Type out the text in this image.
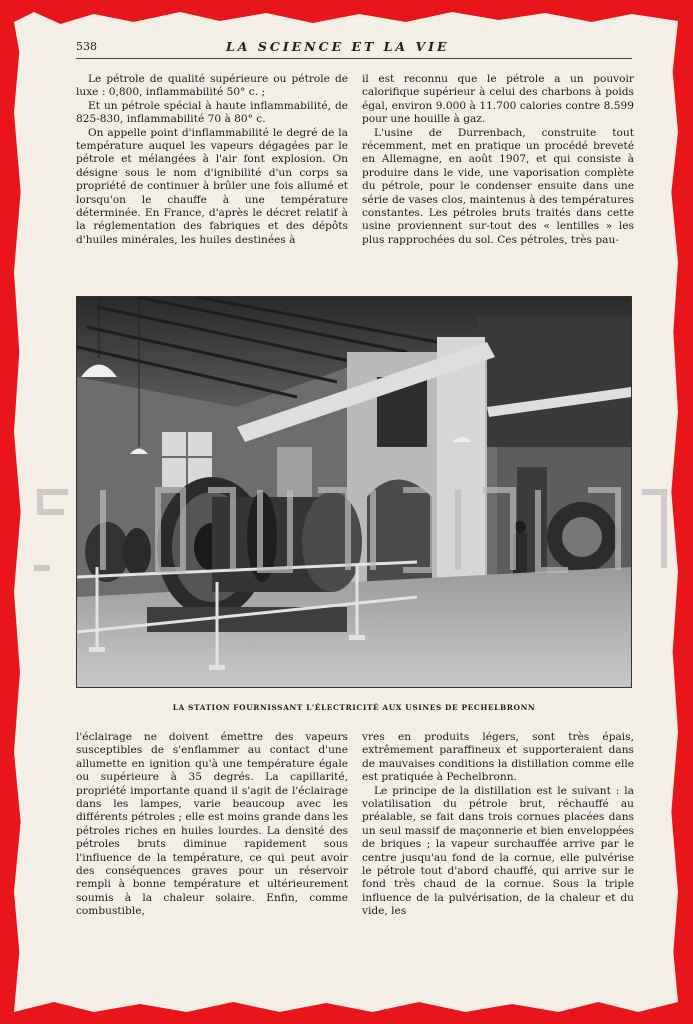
538	LA SCIENCE ET LA VIE

Le pétrole de qualité supérieure ou pétrole de luxe : 0,800, inflammabilité 50° c. ;

Et un pétrole spécial à haute inflammabilité, de 825-830, inflammabilité 70 à 80° c.

On appelle point d'inflammabilité le degré de la température auquel les vapeurs dégagées par le pétrole et mélangées à l'air font explosion. On désigne sous le nom d'ignibilité d'un corps sa propriété de continuer à brûler une fois allumé et lorsqu'on le chauffe à une température déterminée. En France, d'après le décret relatif à la réglementation des fabriques et des dépôts d'huiles minérales, les huiles destinées à

il est reconnu que le pétrole a un pouvoir calorifique supérieur à celui des charbons à poids égal, environ 9.000 à 11.700 calories contre 8.599 pour une houille à gaz.

L'usine de Durrenbach, construite tout récemment, met en pratique un procédé breveté en Allemagne, en août 1907, et qui consiste à produire dans le vide, une vaporisation complète du pétrole, pour le condenser ensuite dans une série de vases clos, maintenus à des températures constantes. Les pétroles bruts traités dans cette usine proviennent sur-tout des « lentilles » les plus rapprochées du sol. Ces pétroles, très pau-

LA STATION FOURNISSANT L'ÉLECTRICITÉ AUX USINES DE PECHELBRONN

l'éclairage ne doivent émettre des vapeurs susceptibles de s'enflammer au contact d'une allumette en ignition qu'à une température égale ou supérieure à 35 degrés. La capillarité, propriété importante quand il s'agit de l'éclairage dans les lampes, varie beaucoup avec les différents pétroles ; elle est moins grande dans les pétroles riches en huiles lourdes. La densité des pétroles bruts diminue rapidement sous l'influence de la température, ce qui peut avoir des conséquences graves pour un réservoir rempli à bonne température et ultérieurement soumis à la chaleur solaire. Enfin, comme combustible,

vres en produits légers, sont très épais, extrêmement paraffineux et supporteraient dans de mauvaises conditions la distillation comme elle est pratiquée à Pechelbronn.

Le principe de la distillation est le suivant : la volatilisation du pétrole brut, réchauffé au préalable, se fait dans trois cornues placées dans un seul massif de maçonnerie et bien enveloppées de briques ; la vapeur surchauffée arrive par le centre jusqu'au fond de la cornue, elle pulvérise le pétrole tout d'abord chauffé, qui arrive sur le fond très chaud de la cornue. Sous la triple influence de la pulvérisation, de la chaleur et du vide, les
